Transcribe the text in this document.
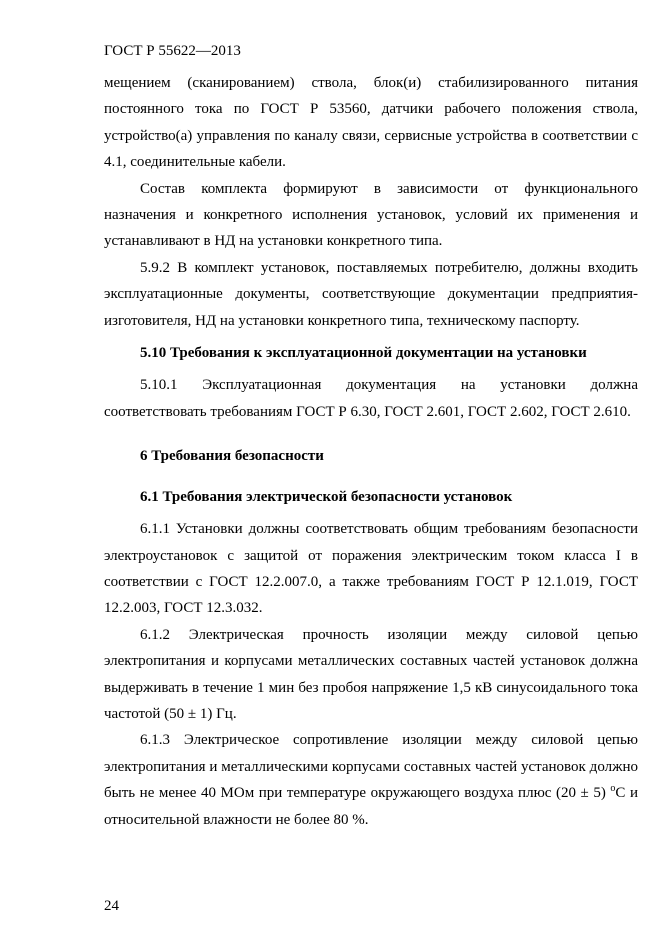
ГОСТ Р 55622—2013

мещением (сканированием) ствола, блок(и) стабилизированного питания постоянного тока по ГОСТ Р 53560, датчики рабочего положения ствола, устройство(а) управления по каналу связи, сервисные устройства в соответствии с 4.1, соединительные кабели.

Состав комплекта формируют в зависимости от функционального назначения и конкретного исполнения установок, условий их применения и устанавливают в НД на установки конкретного типа.

5.9.2 В комплект установок, поставляемых потребителю, должны входить эксплуатационные документы, соответствующие документации предприятия-изготовителя, НД на установки конкретного типа, техническому паспорту.

5.10 Требования к эксплуатационной документации на установки

5.10.1 Эксплуатационная документация на установки должна соответствовать требованиям ГОСТ Р 6.30, ГОСТ 2.601, ГОСТ 2.602, ГОСТ 2.610.

6 Требования безопасности

6.1 Требования электрической безопасности установок

6.1.1 Установки должны соответствовать общим требованиям безопасности электроустановок с защитой от поражения электрическим током класса I в соответствии с ГОСТ 12.2.007.0, а также требованиям ГОСТ Р 12.1.019, ГОСТ 12.2.003, ГОСТ 12.3.032.

6.1.2 Электрическая прочность изоляции между силовой цепью электропитания и корпусами металлических составных частей установок должна выдерживать в течение 1 мин без пробоя напряжение 1,5 кВ синусоидального тока частотой (50 ± 1) Гц.

6.1.3 Электрическое сопротивление изоляции между силовой цепью электропитания и металлическими корпусами составных частей установок должно быть не менее 40 МОм при температуре окружающего воздуха плюс (20 ± 5) $^o$С и относительной влажности не более 80 %.

24
